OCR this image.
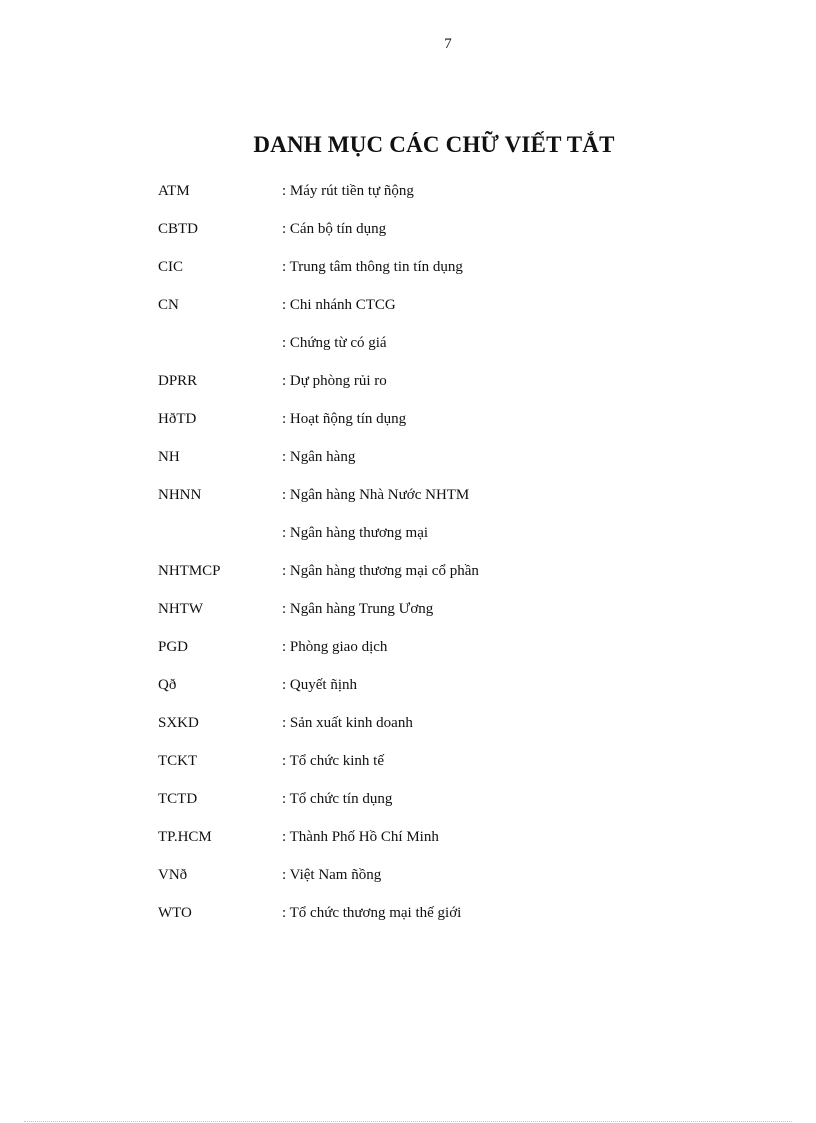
7
DANH MỤC CÁC CHỮ VIẾT TẮT
ATM	: Máy rút tiền tự ñộng
CBTD	: Cán bộ tín dụng
CIC	: Trung tâm thông tin tín dụng
CN	: Chi nhánh CTCG
: Chứng từ có giá
DPRR	: Dự phòng rủi ro
HðTD	: Hoạt ñộng tín dụng
NH	: Ngân hàng
NHNN	: Ngân hàng Nhà Nước NHTM
: Ngân hàng thương mại
NHTMCP	: Ngân hàng thương mại cổ phần
NHTW	: Ngân hàng Trung Ương
PGD	: Phòng giao dịch
Qð	: Quyết ñịnh
SXKD	: Sản xuất kinh doanh
TCKT	: Tổ chức kinh tế
TCTD	: Tổ chức tín dụng
TP.HCM	: Thành Phố Hồ Chí Minh
VNð	: Việt Nam ñồng
WTO	: Tổ chức thương mại thế giới
